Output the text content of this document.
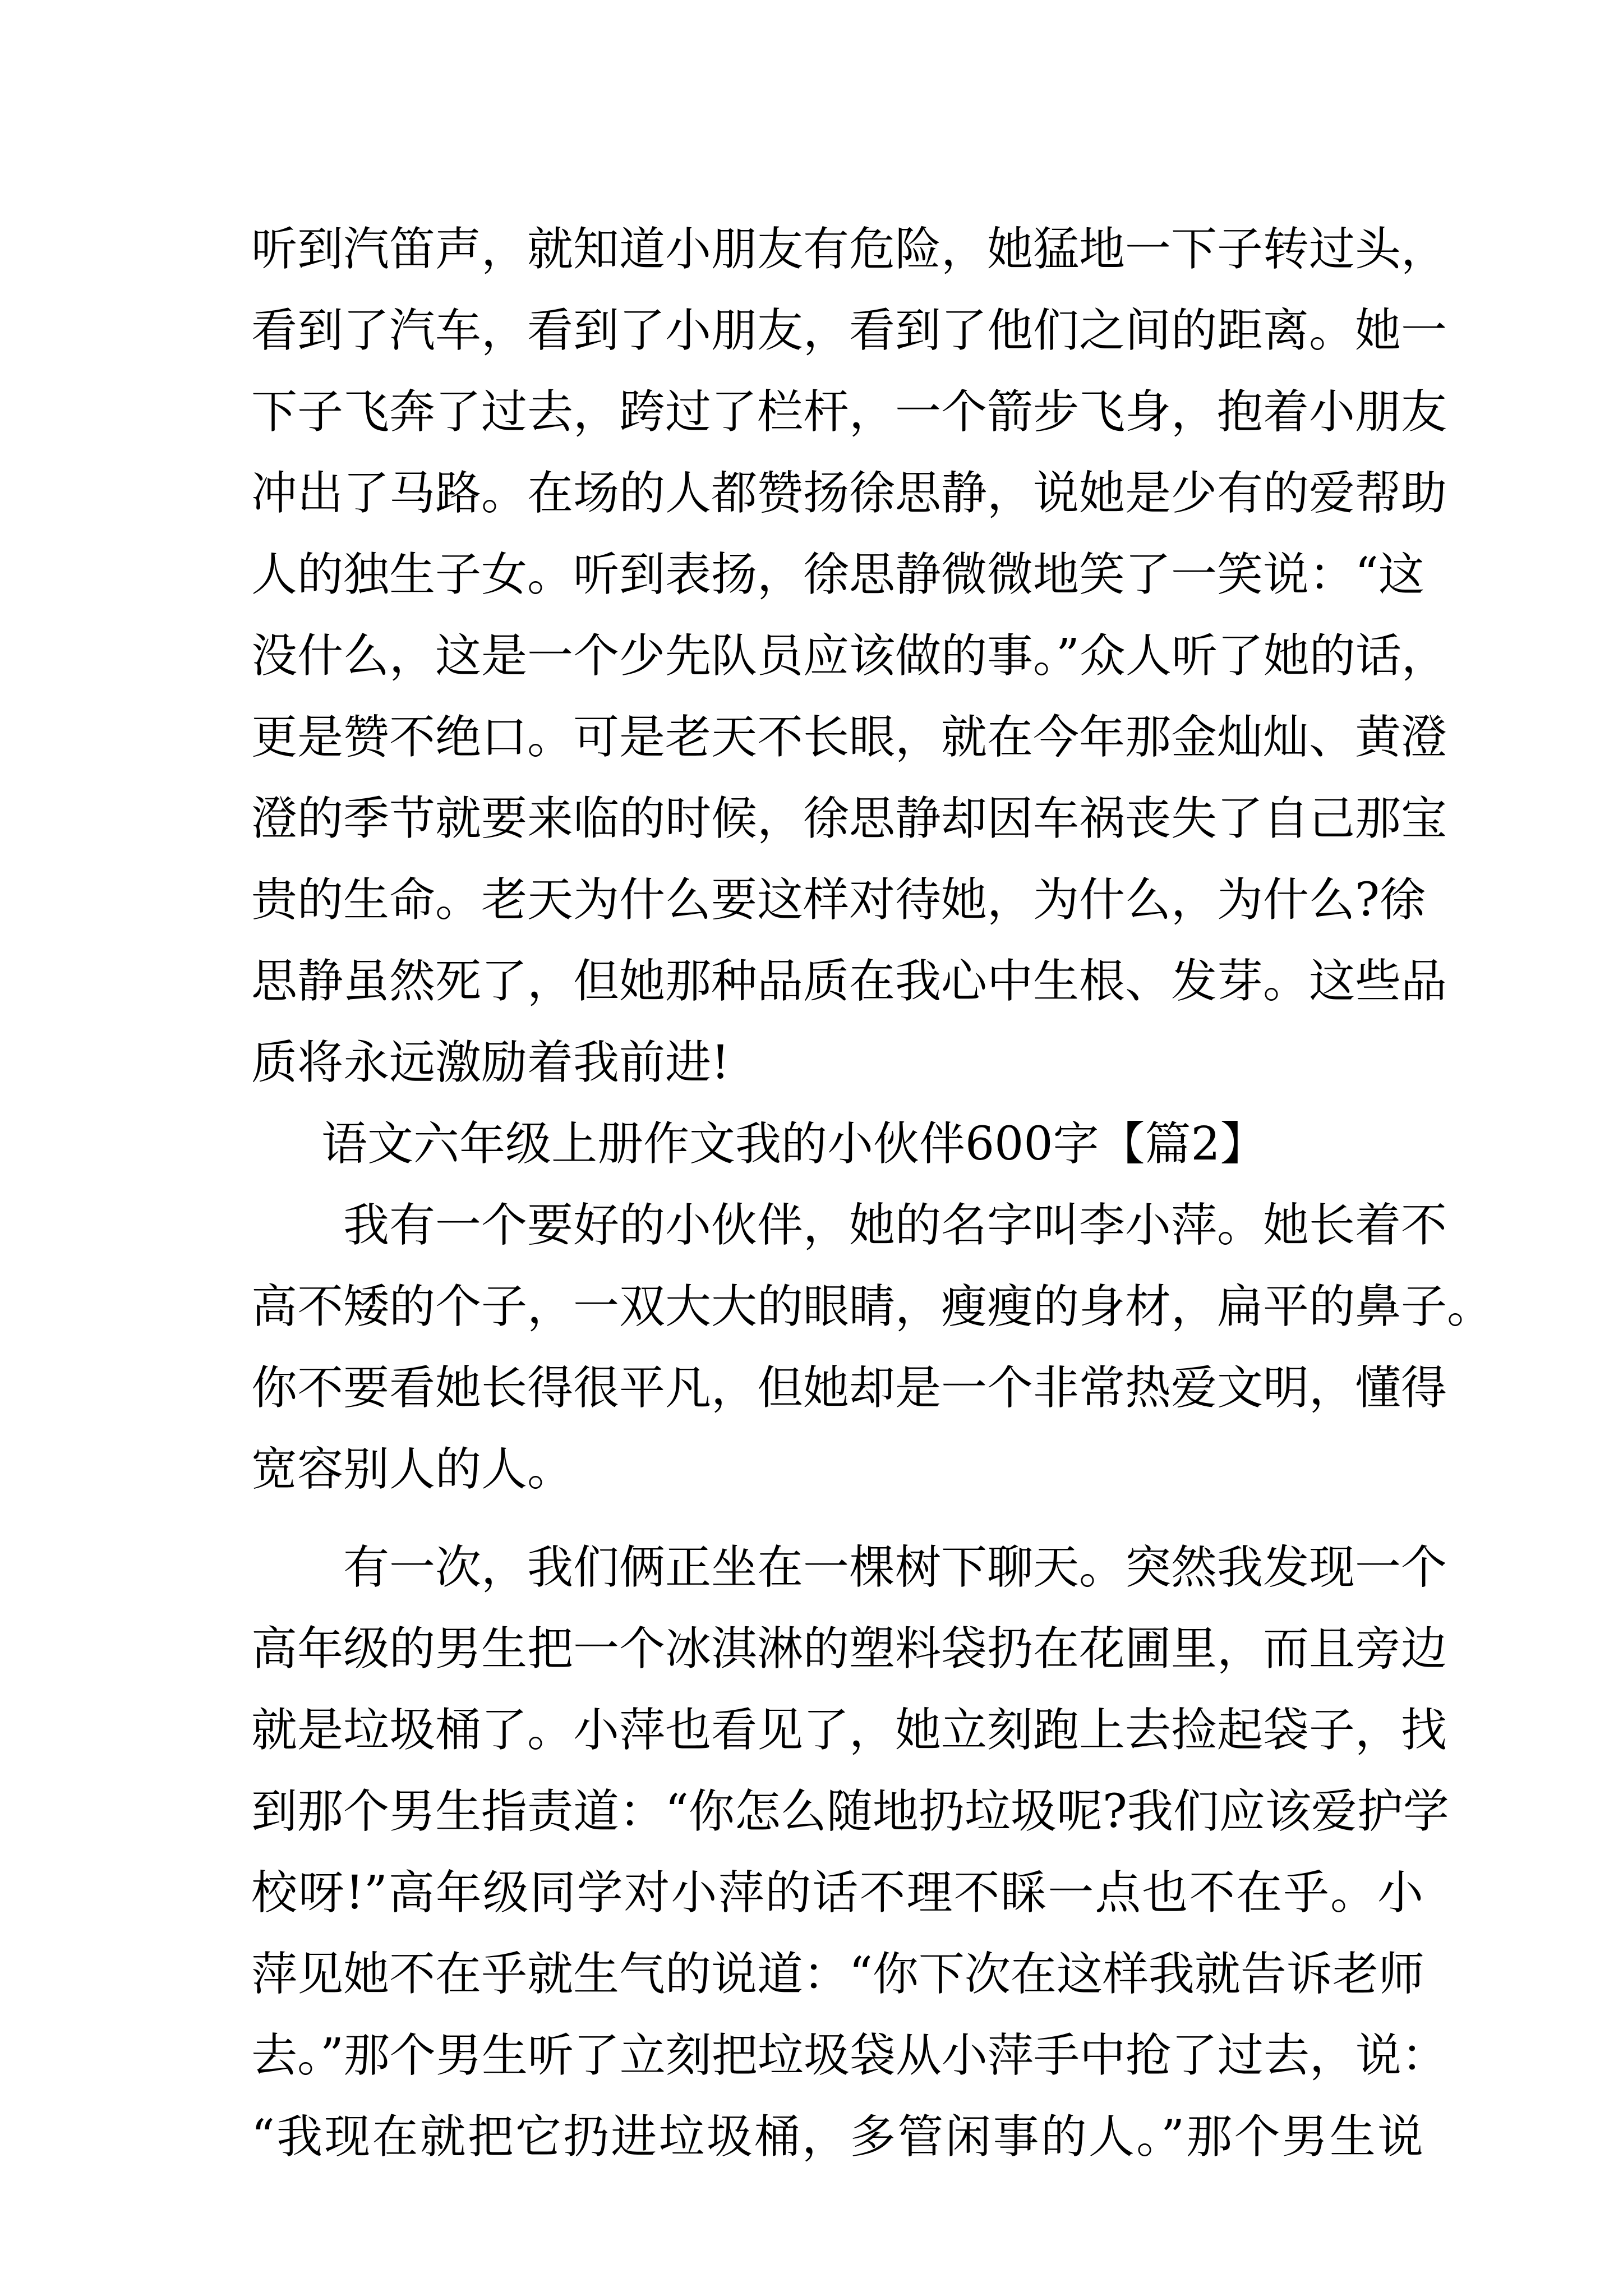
听到汽笛声，就知道小朋友有危险，她猛地一下子转过头，
看到了汽车，看到了小朋友，看到了他们之间的距离。她一
下子飞奔了过去，跨过了栏杆，一个箭步飞身，抱着小朋友
冲出了马路。在场的人都赞扬徐思静，说她是少有的爱帮助
人的独生子女。听到表扬，徐思静微微地笑了一笑说：“这
没什么，这是一个少先队员应该做的事。”众人听了她的话，
更是赞不绝口。可是老天不长眼，就在今年那金灿灿、黄澄
澄的季节就要来临的时候，徐思静却因车祸丧失了自己那宝
贵的生命。老天为什么要这样对待她，为什么，为什么?徐
思静虽然死了，但她那种品质在我心中生根、发芽。这些品
质将永远激励着我前进!
语文六年级上册作文我的小伙伴600字【篇2】
我有一个要好的小伙伴，她的名字叫李小萍。她长着不
高不矮的个子，一双大大的眼睛，瘦瘦的身材，扁平的鼻子。
你不要看她长得很平凡，但她却是一个非常热爱文明，懂得
宽容别人的人。
有一次，我们俩正坐在一棵树下聊天。突然我发现一个
高年级的男生把一个冰淇淋的塑料袋扔在花圃里，而且旁边
就是垃圾桶了。小萍也看见了，她立刻跑上去捡起袋子，找
到那个男生指责道：“你怎么随地扔垃圾呢?我们应该爱护学
校呀!”高年级同学对小萍的话不理不睬一点也不在乎。小
萍见她不在乎就生气的说道：“你下次在这样我就告诉老师
去。”那个男生听了立刻把垃圾袋从小萍手中抢了过去，说：
“我现在就把它扔进垃圾桶，多管闲事的人。”那个男生说
